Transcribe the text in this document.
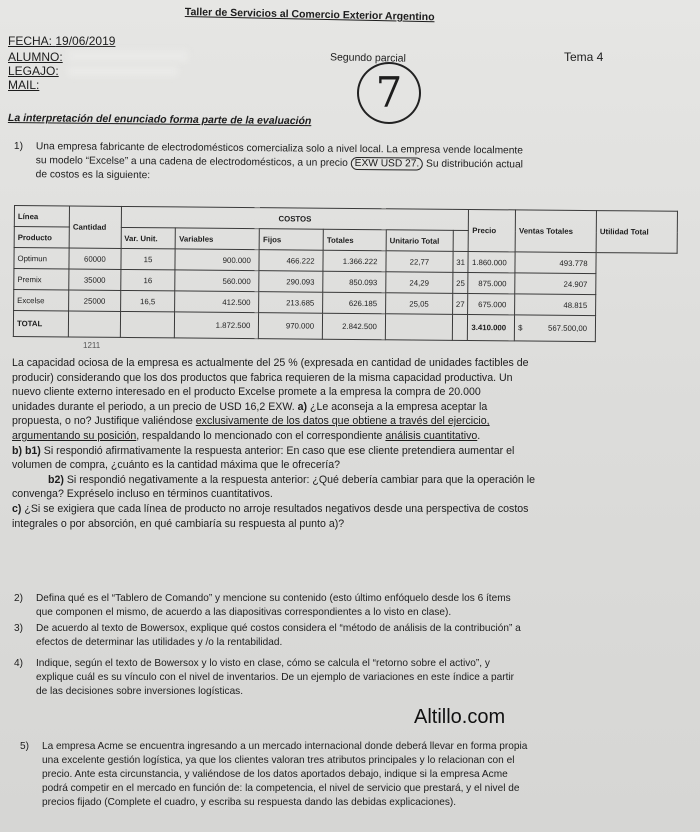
Taller de Servicios al Comercio Exterior Argentino
FECHA: 19/06/2019
ALUMNO:
LEGAJO:
MAIL:
Segundo parcial	Tema 4
7
La interpretación del enunciado forma parte de la evaluación
1) Una empresa fabricante de electrodomésticos comercializa solo a nivel local. La empresa vende localmente
su modelo “Excelse” a una cadena de electrodomésticos, a un precio EXW USD 27. Su distribución actual
de costos es la siguiente:
Línea	Cantidad	COSTOS						Precio	Ventas Totales	Utilidad Total
Producto		Var. Unit.	Variables	Fijos	Totales	Unitario Total				
Optimun	60000	15	900.000	466.222	1.366.222	22,77	31	1.860.000	493.778	
Premix	35000	16	560.000	290.093	850.093	24,29	25	875.000	24.907	
Excelse	25000	16,5	412.500	213.685	626.185	25,05	27	675.000	48.815	
TOTAL			1.872.500	970.000	2.842.500			3.410.000	$ 567.500,00	
1211
La capacidad ociosa de la empresa es actualmente del 25 % (expresada en cantidad de unidades factibles de
producir) considerando que los dos productos que fabrica requieren de la misma capacidad productiva. Un
nuevo cliente externo interesado en el producto Excelse promete a la empresa la compra de 20.000
unidades durante el periodo, a un precio de USD 16,2 EXW. a) ¿Le aconseja a la empresa aceptar la
propuesta, o no? Justifique valiéndose exclusivamente de los datos que obtiene a través del ejercicio,
argumentando su posición, respaldando lo mencionado con el correspondiente análisis cuantitativo.
b) b1) Si respondió afirmativamente la respuesta anterior: En caso que ese cliente pretendiera aumentar el
volumen de compra, ¿cuánto es la cantidad máxima que le ofrecería?
b2) Si respondió negativamente a la respuesta anterior: ¿Qué debería cambiar para que la operación le
convenga? Expréselo incluso en términos cuantitativos.
c) ¿Si se exigiera que cada línea de producto no arroje resultados negativos desde una perspectiva de costos
integrales o por absorción, en qué cambiaría su respuesta al punto a)?
2) Defina qué es el “Tablero de Comando” y mencione su contenido (esto último enfóquelo desde los 6 ítems
que componen el mismo, de acuerdo a las diapositivas correspondientes a lo visto en clase).
3) De acuerdo al texto de Bowersox, explique qué costos considera el “método de análisis de la contribución” a
efectos de determinar las utilidades y /o la rentabilidad.
4) Indique, según el texto de Bowersox y lo visto en clase, cómo se calcula el “retorno sobre el activo”, y
explique cuál es su vínculo con el nivel de inventarios. De un ejemplo de variaciones en este índice a partir
de las decisiones sobre inversiones logísticas.
Altillo.com
5) La empresa Acme se encuentra ingresando a un mercado internacional donde deberá llevar en forma propia
una excelente gestión logística, ya que los clientes valoran tres atributos principales y lo relacionan con el
precio. Ante esta circunstancia, y valiéndose de los datos aportados debajo, indique si la empresa Acme
podrá competir en el mercado en función de: la competencia, el nivel de servicio que prestará, y el nivel de
precios fijado (Complete el cuadro, y escriba su respuesta dando las debidas explicaciones).
